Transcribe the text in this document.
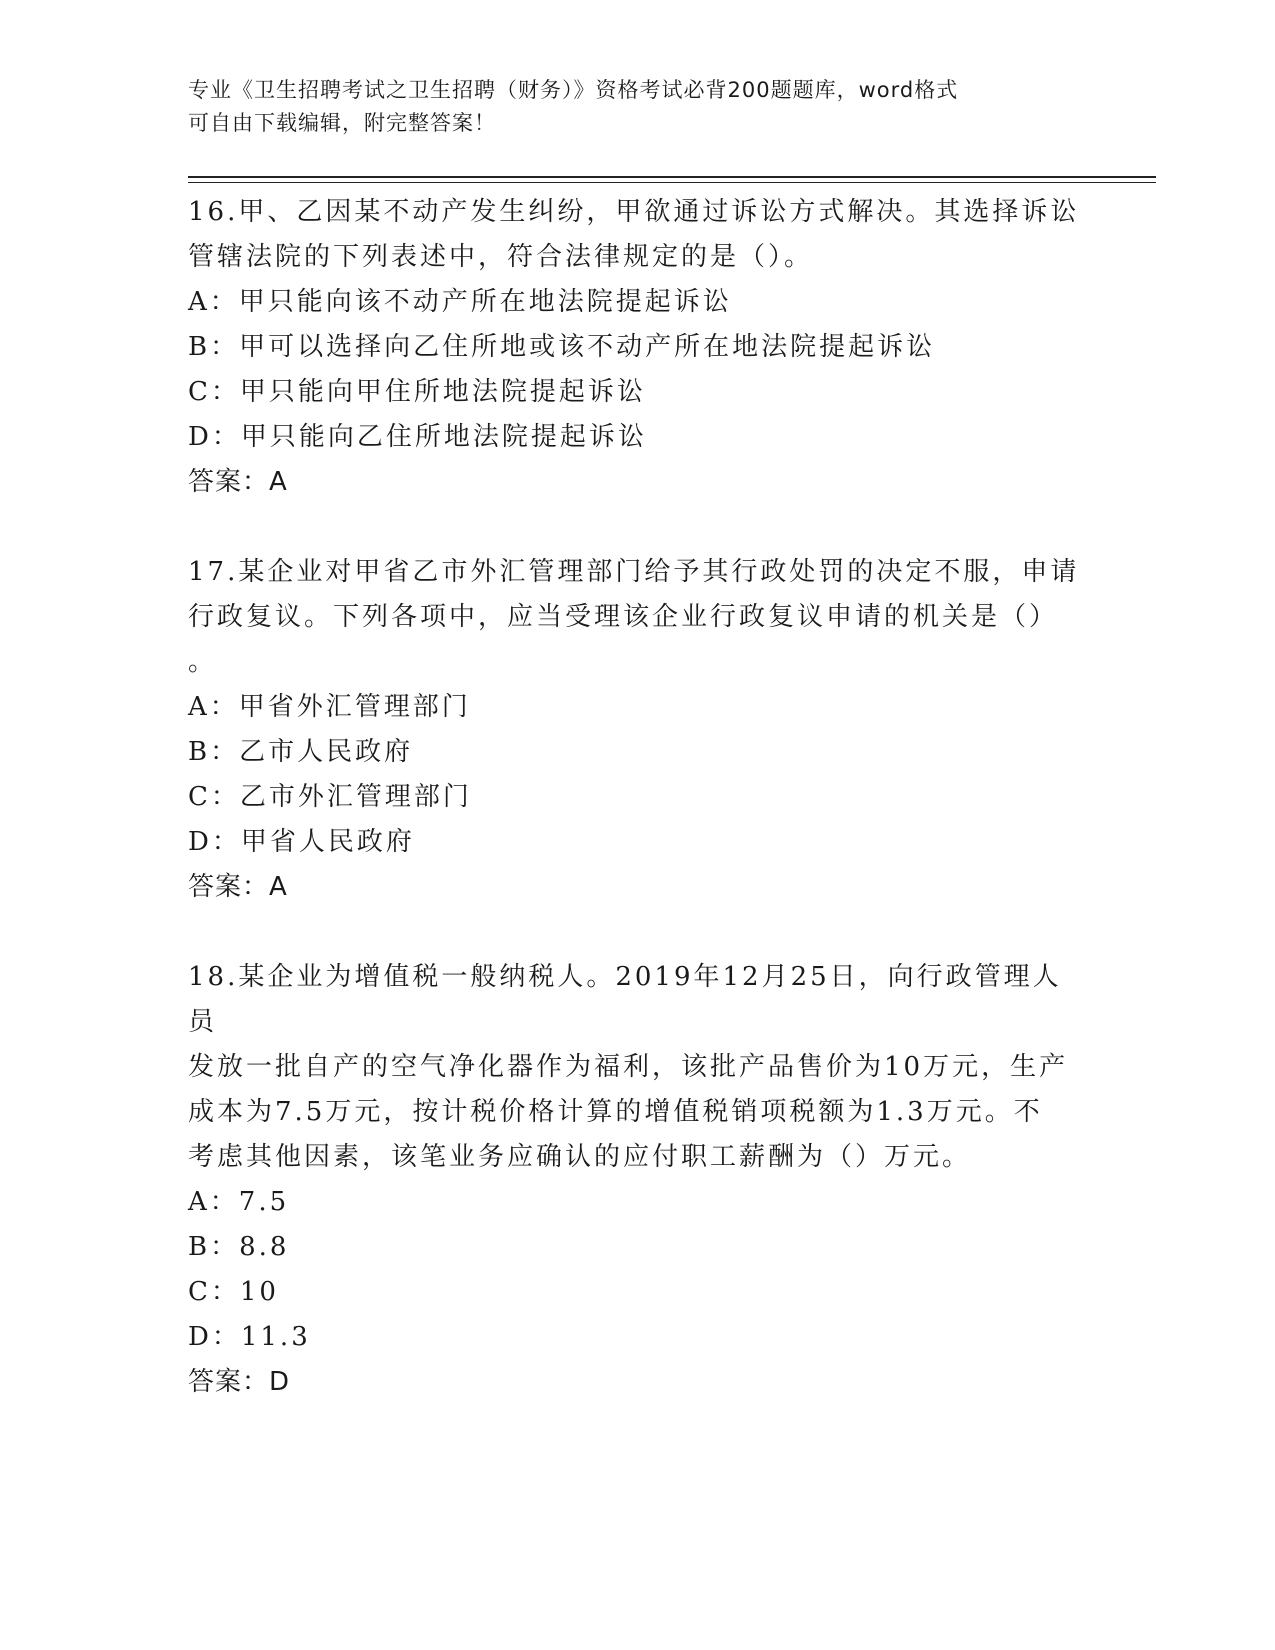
专业《卫生招聘考试之卫生招聘（财务）》资格考试必背200题题库，word格式
可自由下载编辑，附完整答案！

16.甲、乙因某不动产发生纠纷，甲欲通过诉讼方式解决。其选择诉讼

管辖法院的下列表述中，符合法律规定的是（）。

A：甲只能向该不动产所在地法院提起诉讼

B：甲可以选择向乙住所地或该不动产所在地法院提起诉讼

C：甲只能向甲住所地法院提起诉讼

D：甲只能向乙住所地法院提起诉讼

答案：A

17.某企业对甲省乙市外汇管理部门给予其行政处罚的决定不服，申请

行政复议。下列各项中，应当受理该企业行政复议申请的机关是（）

。

A：甲省外汇管理部门

B：乙市人民政府

C：乙市外汇管理部门

D：甲省人民政府

答案：A

18.某企业为增值税一般纳税人。2019年12月25日，向行政管理人员

发放一批自产的空气净化器作为福利，该批产品售价为10万元，生产

成本为7.5万元，按计税价格计算的增值税销项税额为1.3万元。不

考虑其他因素，该笔业务应确认的应付职工薪酬为（）万元。

A：7.5

B：8.8

C：10

D：11.3

答案：D
